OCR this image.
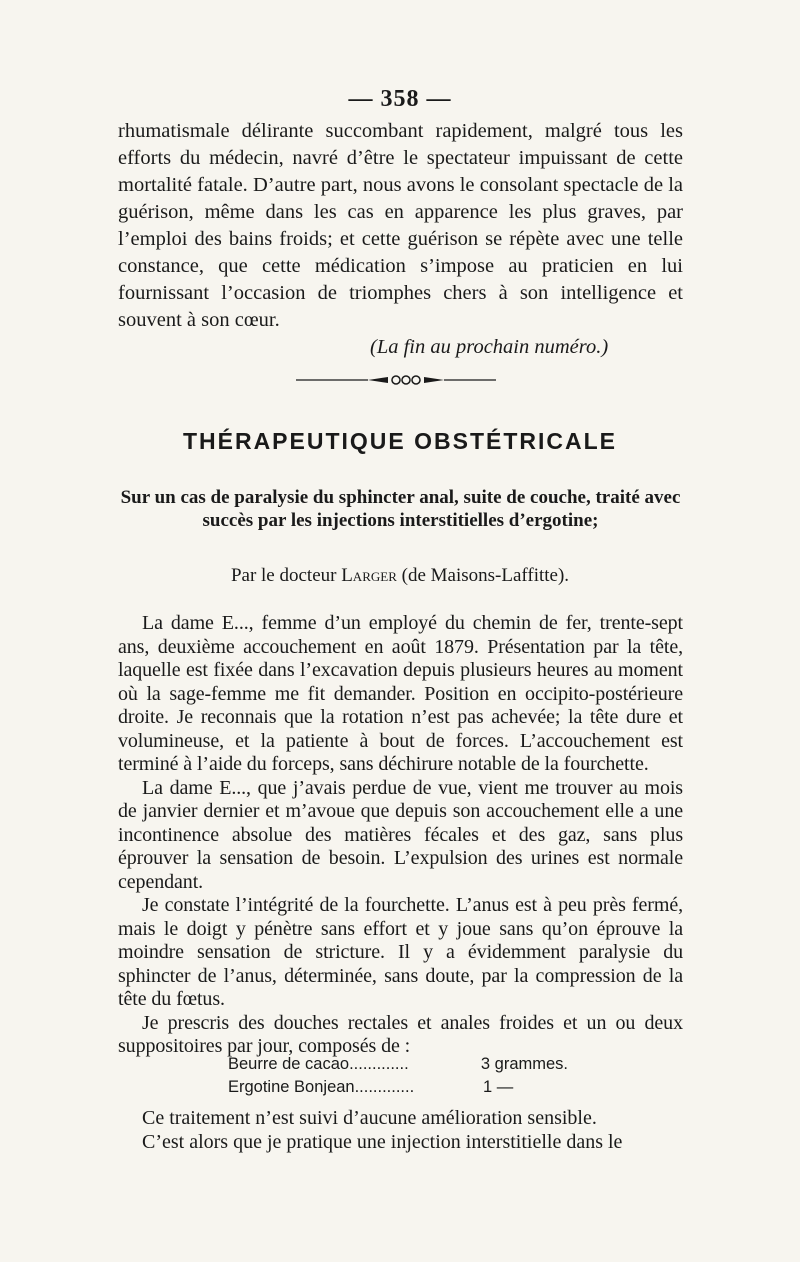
— 358 —

rhumatismale délirante succombant rapidement, malgré tous les efforts du médecin, navré d’être le spectateur impuissant de cette mortalité fatale. D’autre part, nous avons le consolant spectacle de la guérison, même dans les cas en apparence les plus graves, par l’emploi des bains froids; et cette guérison se répète avec une telle constance, que cette médication s’impose au praticien en lui fournissant l’occasion de triomphes chers à son intelligence et souvent à son cœur.

(La fin au prochain numéro.)
THÉRAPEUTIQUE OBSTÉTRICALE
Sur un cas de paralysie du sphincter anal, suite de couche, traité avec succès par les injections interstitielles d’ergotine;
Par le docteur Larger (de Maisons-Laffitte).

La dame E..., femme d’un employé du chemin de fer, trente-sept ans, deuxième accouchement en août 1879. Présentation par la tête, laquelle est fixée dans l’excavation depuis plusieurs heures au moment où la sage-femme me fit demander. Position en occipito-postérieure droite. Je reconnais que la rotation n’est pas achevée; la tête dure et volumineuse, et la patiente à bout de forces. L’accouchement est terminé à l’aide du forceps, sans déchirure notable de la fourchette.

La dame E..., que j’avais perdue de vue, vient me trouver au mois de janvier dernier et m’avoue que depuis son accouchement elle a une incontinence absolue des matières fécales et des gaz, sans plus éprouver la sensation de besoin. L’expulsion des urines est normale cependant.

Je constate l’intégrité de la fourchette. L’anus est à peu près fermé, mais le doigt y pénètre sans effort et y joue sans qu’on éprouve la moindre sensation de stricture. Il y a évidemment paralysie du sphincter de l’anus, déterminée, sans doute, par la compression de la tête du fœtus.

Je prescris des douches rectales et anales froides et un ou deux suppositoires par jour, composés de :

Beurre de cacao.............	3 grammes.
Ergotine Bonjean.............	1 —

Ce traitement n’est suivi d’aucune amélioration sensible.

C’est alors que je pratique une injection interstitielle dans le
